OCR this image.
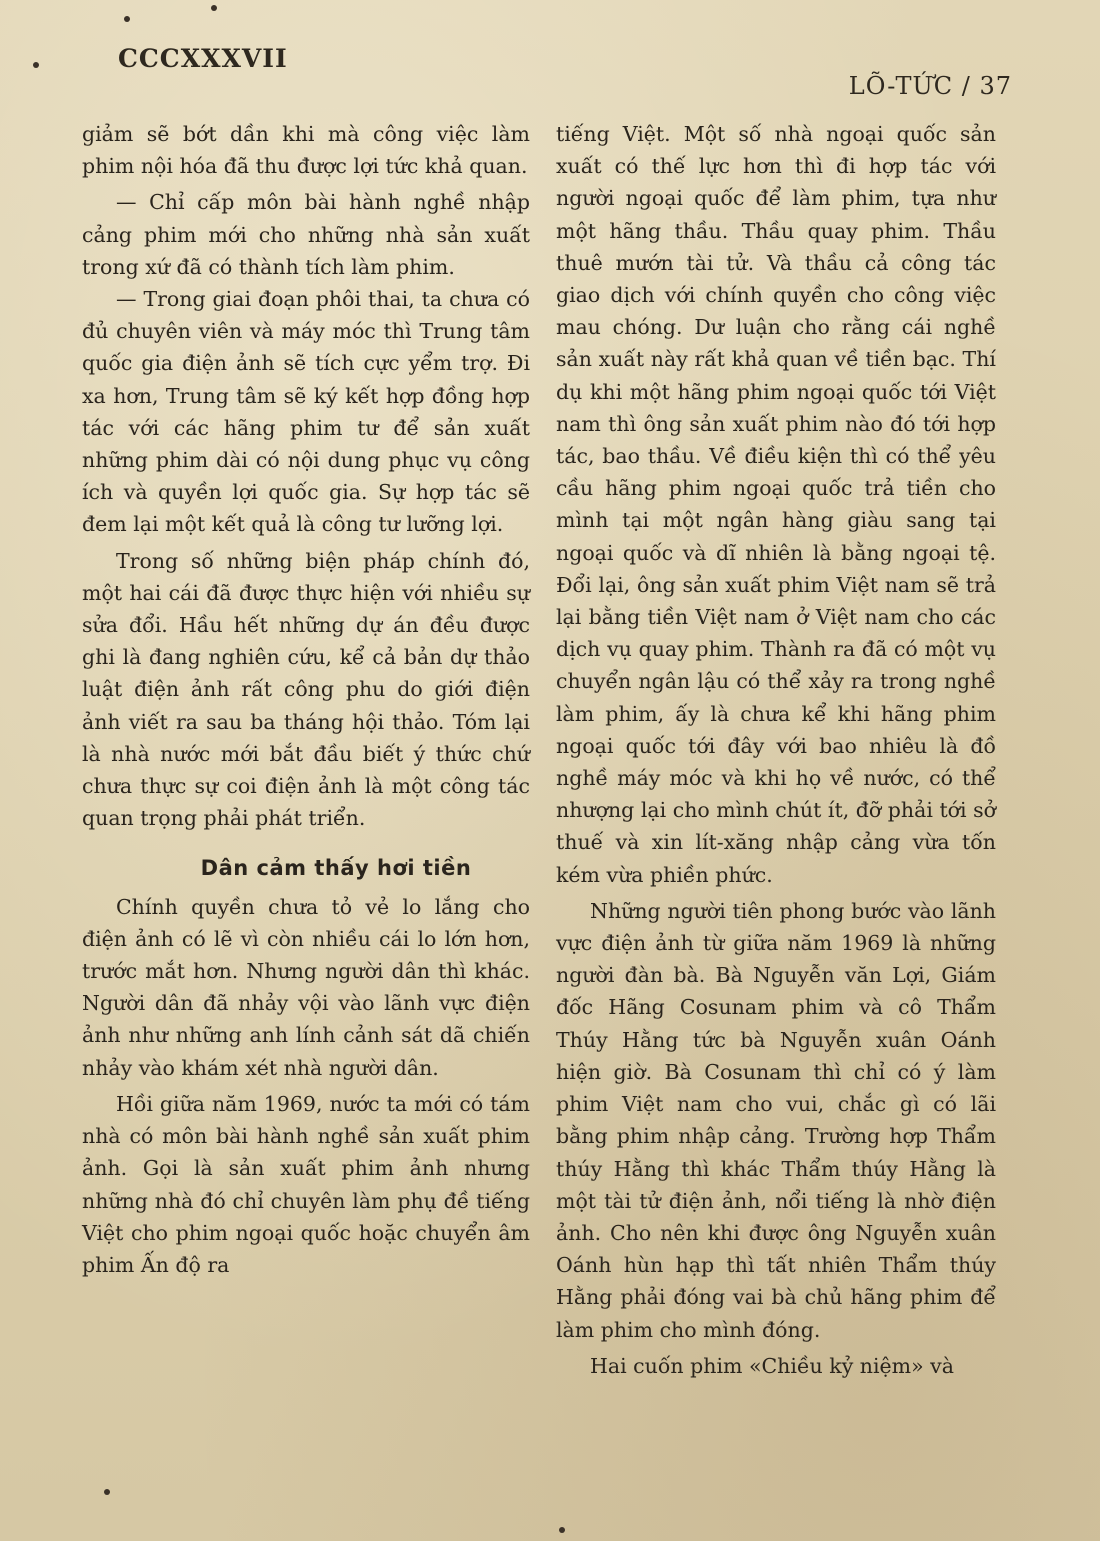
CCCXXXVII
LÕ-TỨC / 37

giảm sẽ bớt dần khi mà công việc làm phim nội hóa đã thu được lợi tức khả quan.

— Chỉ cấp môn bài hành nghề nhập cảng phim mới cho những nhà sản xuất trong xứ đã có thành tích làm phim.

— Trong giai đoạn phôi thai, ta chưa có đủ chuyên viên và máy móc thì Trung tâm quốc gia điện ảnh sẽ tích cực yểm trợ. Đi xa hơn, Trung tâm sẽ ký kết hợp đồng hợp tác với các hãng phim tư để sản xuất những phim dài có nội dung phục vụ công ích và quyền lợi quốc gia. Sự hợp tác sẽ đem lại một kết quả là công tư lưỡng lợi.

Trong số những biện pháp chính đó, một hai cái đã được thực hiện với nhiều sự sửa đổi. Hầu hết những dự án đều được ghi là đang nghiên cứu, kể cả bản dự thảo luật điện ảnh rất công phu do giới điện ảnh viết ra sau ba tháng hội thảo. Tóm lại là nhà nước mới bắt đầu biết ý thức chứ chưa thực sự coi điện ảnh là một công tác quan trọng phải phát triển.

Dân cảm thấy hơi tiền

Chính quyền chưa tỏ vẻ lo lắng cho điện ảnh có lẽ vì còn nhiều cái lo lớn hơn, trước mắt hơn. Nhưng người dân thì khác. Người dân đã nhảy vội vào lãnh vực điện ảnh như những anh lính cảnh sát dã chiến nhảy vào khám xét nhà người dân.

Hồi giữa năm 1969, nước ta mới có tám nhà có môn bài hành nghề sản xuất phim ảnh. Gọi là sản xuất phim ảnh nhưng những nhà đó chỉ chuyên làm phụ đề tiếng Việt cho phim ngoại quốc hoặc chuyển âm phim Ấn độ ra

tiếng Việt. Một số nhà ngoại quốc sản xuất có thế lực hơn thì đi hợp tác với người ngoại quốc để làm phim, tựa như một hãng thầu. Thầu quay phim. Thầu thuê mướn tài tử. Và thầu cả công tác giao dịch với chính quyền cho công việc mau chóng. Dư luận cho rằng cái nghề sản xuất này rất khả quan về tiền bạc. Thí dụ khi một hãng phim ngoại quốc tới Việt nam thì ông sản xuất phim nào đó tới hợp tác, bao thầu. Về điều kiện thì có thể yêu cầu hãng phim ngoại quốc trả tiền cho mình tại một ngân hàng giàu sang tại ngoại quốc và dĩ nhiên là bằng ngoại tệ. Đổi lại, ông sản xuất phim Việt nam sẽ trả lại bằng tiền Việt nam ở Việt nam cho các dịch vụ quay phim. Thành ra đã có một vụ chuyển ngân lậu có thể xảy ra trong nghề làm phim, ấy là chưa kể khi hãng phim ngoại quốc tới đây với bao nhiêu là đồ nghề máy móc và khi họ về nước, có thể nhượng lại cho mình chút ít, đỡ phải tới sở thuế và xin lít-xăng nhập cảng vừa tốn kém vừa phiền phức.

Những người tiên phong bước vào lãnh vực điện ảnh từ giữa năm 1969 là những người đàn bà. Bà Nguyễn văn Lợi, Giám đốc Hãng Cosunam phim và cô Thẩm Thúy Hằng tức bà Nguyễn xuân Oánh hiện giờ. Bà Cosunam thì chỉ có ý làm phim Việt nam cho vui, chắc gì có lãi bằng phim nhập cảng. Trường hợp Thẩm thúy Hằng thì khác Thẩm thúy Hằng là một tài tử điện ảnh, nổi tiếng là nhờ điện ảnh. Cho nên khi được ông Nguyễn xuân Oánh hùn hạp thì tất nhiên Thẩm thúy Hằng phải đóng vai bà chủ hãng phim để làm phim cho mình đóng.

Hai cuốn phim «Chiều kỷ niệm» và
